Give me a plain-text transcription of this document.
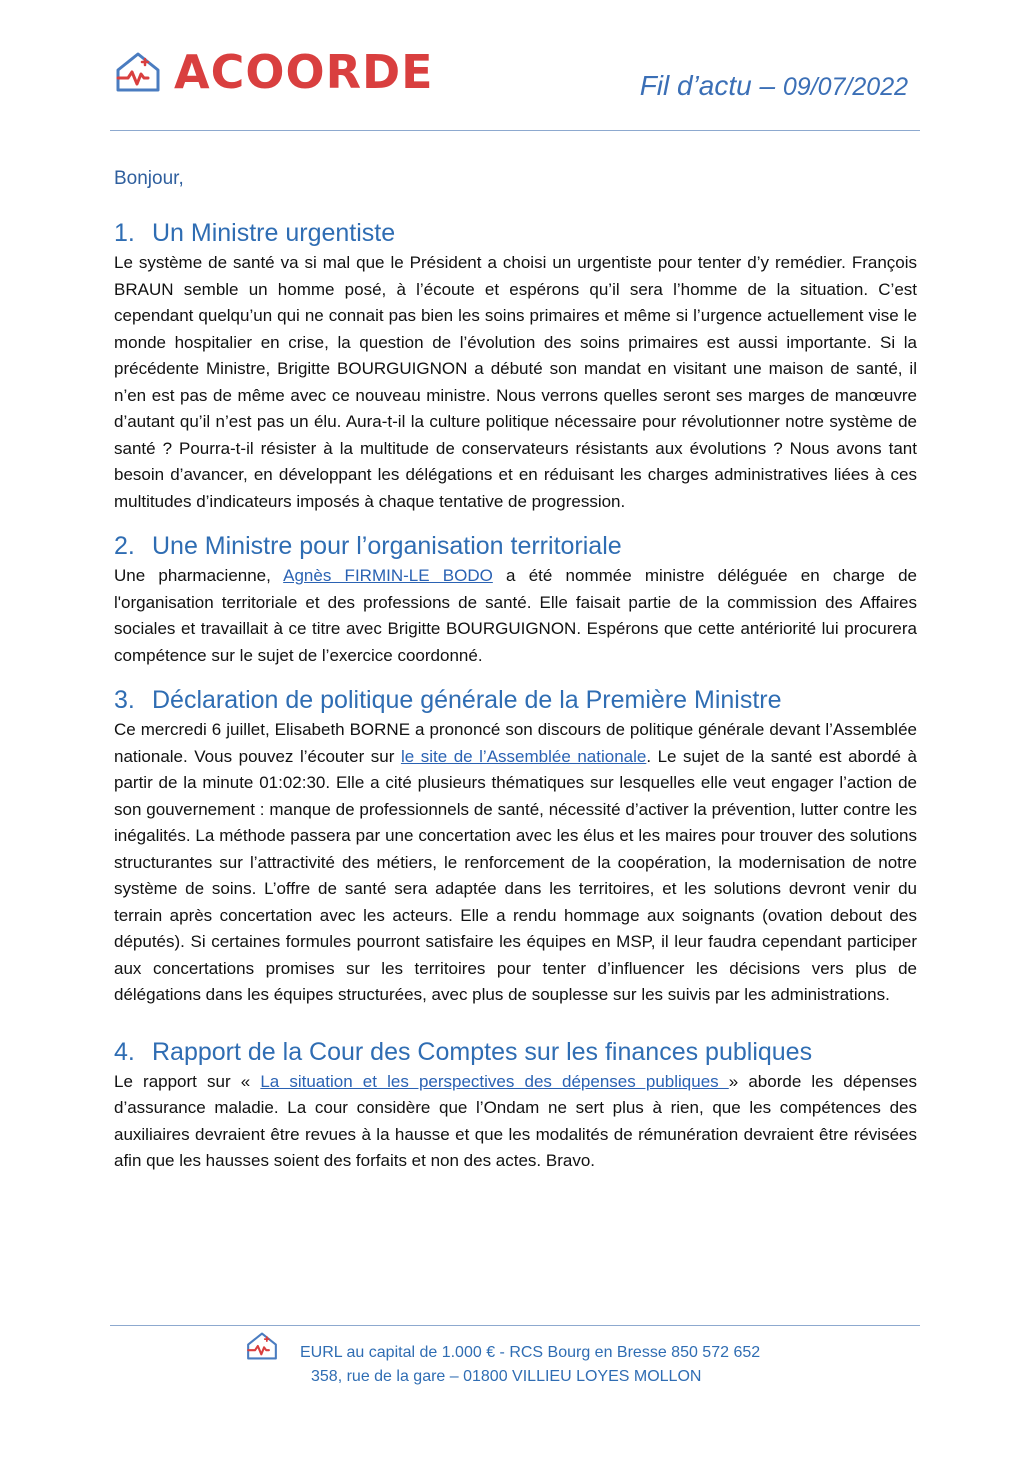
ACOORDE	Fil d’actu – 09/07/2022
Bonjour,
1. Un Ministre urgentiste

Le système de santé va si mal que le Président a choisi un urgentiste pour tenter d’y remédier. François BRAUN semble un homme posé, à l’écoute et espérons qu’il sera l’homme de la situation. C’est cependant quelqu’un qui ne connait pas bien les soins primaires et même si l’urgence actuellement vise le monde hospitalier en crise, la question de l’évolution des soins primaires est aussi importante. Si la précédente Ministre, Brigitte BOURGUIGNON a débuté son mandat en visitant une maison de santé, il n’en est pas de même avec ce nouveau ministre. Nous verrons quelles seront ses marges de manœuvre d’autant qu’il n’est pas un élu. Aura-t-il la culture politique nécessaire pour révolutionner notre système de santé ? Pourra-t-il résister à la multitude de conservateurs résistants aux évolutions ? Nous avons tant besoin d’avancer, en développant les délégations et en réduisant les charges administratives liées à ces multitudes d’indicateurs imposés à chaque tentative de progression.

2. Une Ministre pour l’organisation territoriale

Une pharmacienne, Agnès FIRMIN-LE BODO a été nommée ministre déléguée en charge de l'organisation territoriale et des professions de santé. Elle faisait partie de la commission des Affaires sociales et travaillait à ce titre avec Brigitte BOURGUIGNON. Espérons que cette antériorité lui procurera compétence sur le sujet de l’exercice coordonné.

3. Déclaration de politique générale de la Première Ministre

Ce mercredi 6 juillet, Elisabeth BORNE a prononcé son discours de politique générale devant l’Assemblée nationale. Vous pouvez l’écouter sur le site de l’Assemblée nationale. Le sujet de la santé est abordé à partir de la minute 01:02:30. Elle a cité plusieurs thématiques sur lesquelles elle veut engager l’action de son gouvernement : manque de professionnels de santé, nécessité d’activer la prévention, lutter contre les inégalités. La méthode passera par une concertation avec les élus et les maires pour trouver des solutions structurantes sur l’attractivité des métiers, le renforcement de la coopération, la modernisation de notre système de soins. L’offre de santé sera adaptée dans les territoires, et les solutions devront venir du terrain après concertation avec les acteurs. Elle a rendu hommage aux soignants (ovation debout des députés). Si certaines formules pourront satisfaire les équipes en MSP, il leur faudra cependant participer aux concertations promises sur les territoires pour tenter d’influencer les décisions vers plus de délégations dans les équipes structurées, avec plus de souplesse sur les suivis par les administrations.

4. Rapport de la Cour des Comptes sur les finances publiques

Le rapport sur « La situation et les perspectives des dépenses publiques » aborde les dépenses d’assurance maladie. La cour considère que l’Ondam ne sert plus à rien, que les compétences des auxiliaires devraient être revues à la hausse et que les modalités de rémunération devraient être révisées afin que les hausses soient des forfaits et non des actes. Bravo.

EURL au capital de 1.000 € - RCS Bourg en Bresse 850 572 652
358, rue de la gare – 01800 VILLIEU LOYES MOLLON
